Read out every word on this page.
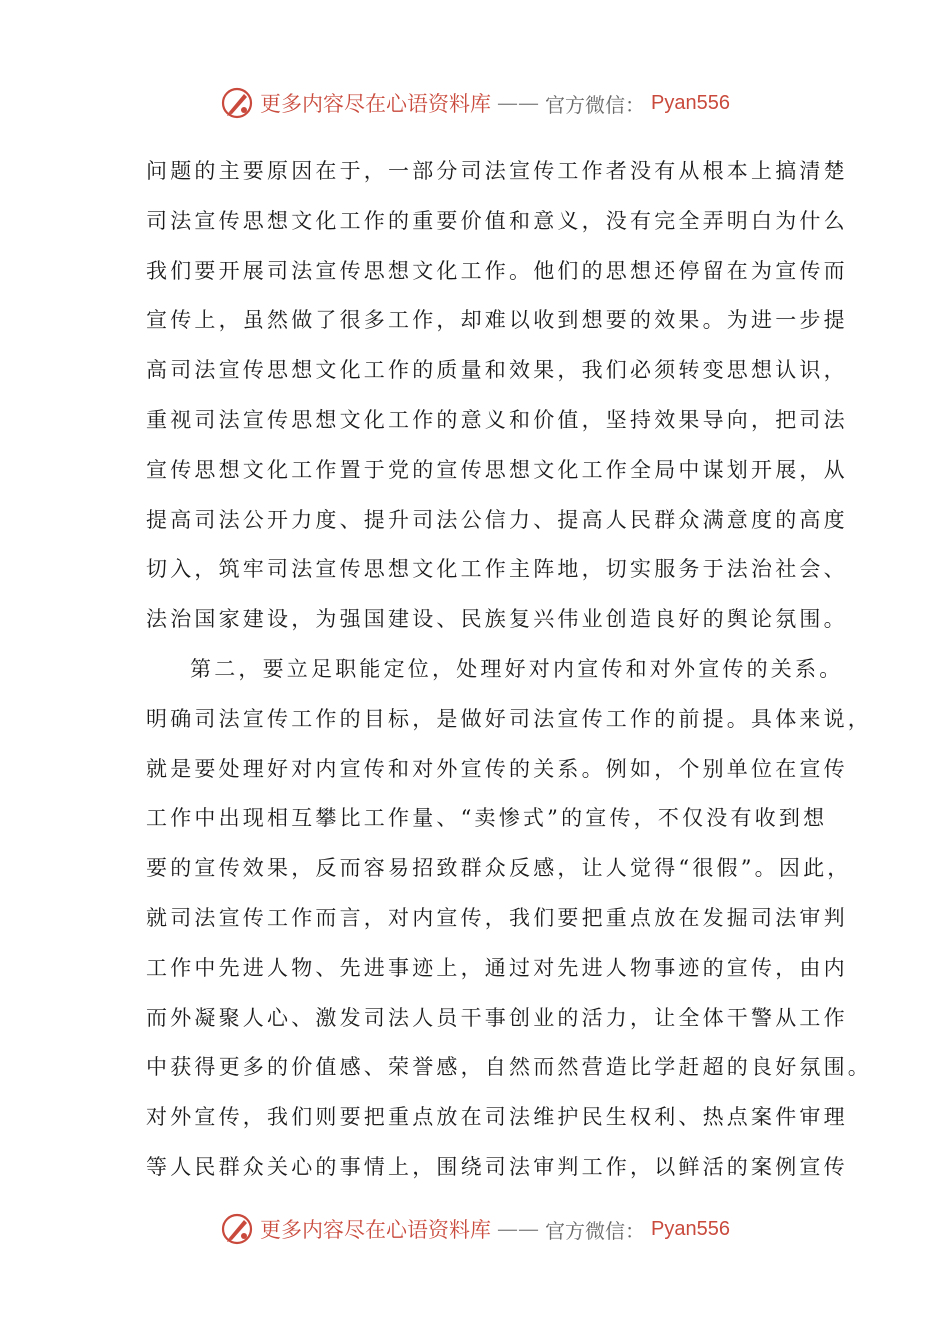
更多内容尽在心语资料库 —— 官方微信： Pyan556
问题的主要原因在于，一部分司法宣传工作者没有从根本上搞清楚
司法宣传思想文化工作的重要价值和意义，没有完全弄明白为什么
我们要开展司法宣传思想文化工作。他们的思想还停留在为宣传而
宣传上，虽然做了很多工作，却难以收到想要的效果。为进一步提
高司法宣传思想文化工作的质量和效果，我们必须转变思想认识，
重视司法宣传思想文化工作的意义和价值，坚持效果导向，把司法
宣传思想文化工作置于党的宣传思想文化工作全局中谋划开展，从
提高司法公开力度、提升司法公信力、提高人民群众满意度的高度
切入，筑牢司法宣传思想文化工作主阵地，切实服务于法治社会、
法治国家建设，为强国建设、民族复兴伟业创造良好的舆论氛围。
第二，要立足职能定位，处理好对内宣传和对外宣传的关系。
明确司法宣传工作的目标，是做好司法宣传工作的前提。具体来说，
就是要处理好对内宣传和对外宣传的关系。例如，个别单位在宣传
工作中出现相互攀比工作量、“卖惨式”的宣传，不仅没有收到想
要的宣传效果，反而容易招致群众反感，让人觉得“很假”。因此，
就司法宣传工作而言，对内宣传，我们要把重点放在发掘司法审判
工作中先进人物、先进事迹上，通过对先进人物事迹的宣传，由内
而外凝聚人心、激发司法人员干事创业的活力，让全体干警从工作
中获得更多的价值感、荣誉感，自然而然营造比学赶超的良好氛围。
对外宣传，我们则要把重点放在司法维护民生权利、热点案件审理
等人民群众关心的事情上，围绕司法审判工作，以鲜活的案例宣传
更多内容尽在心语资料库 —— 官方微信： Pyan556
